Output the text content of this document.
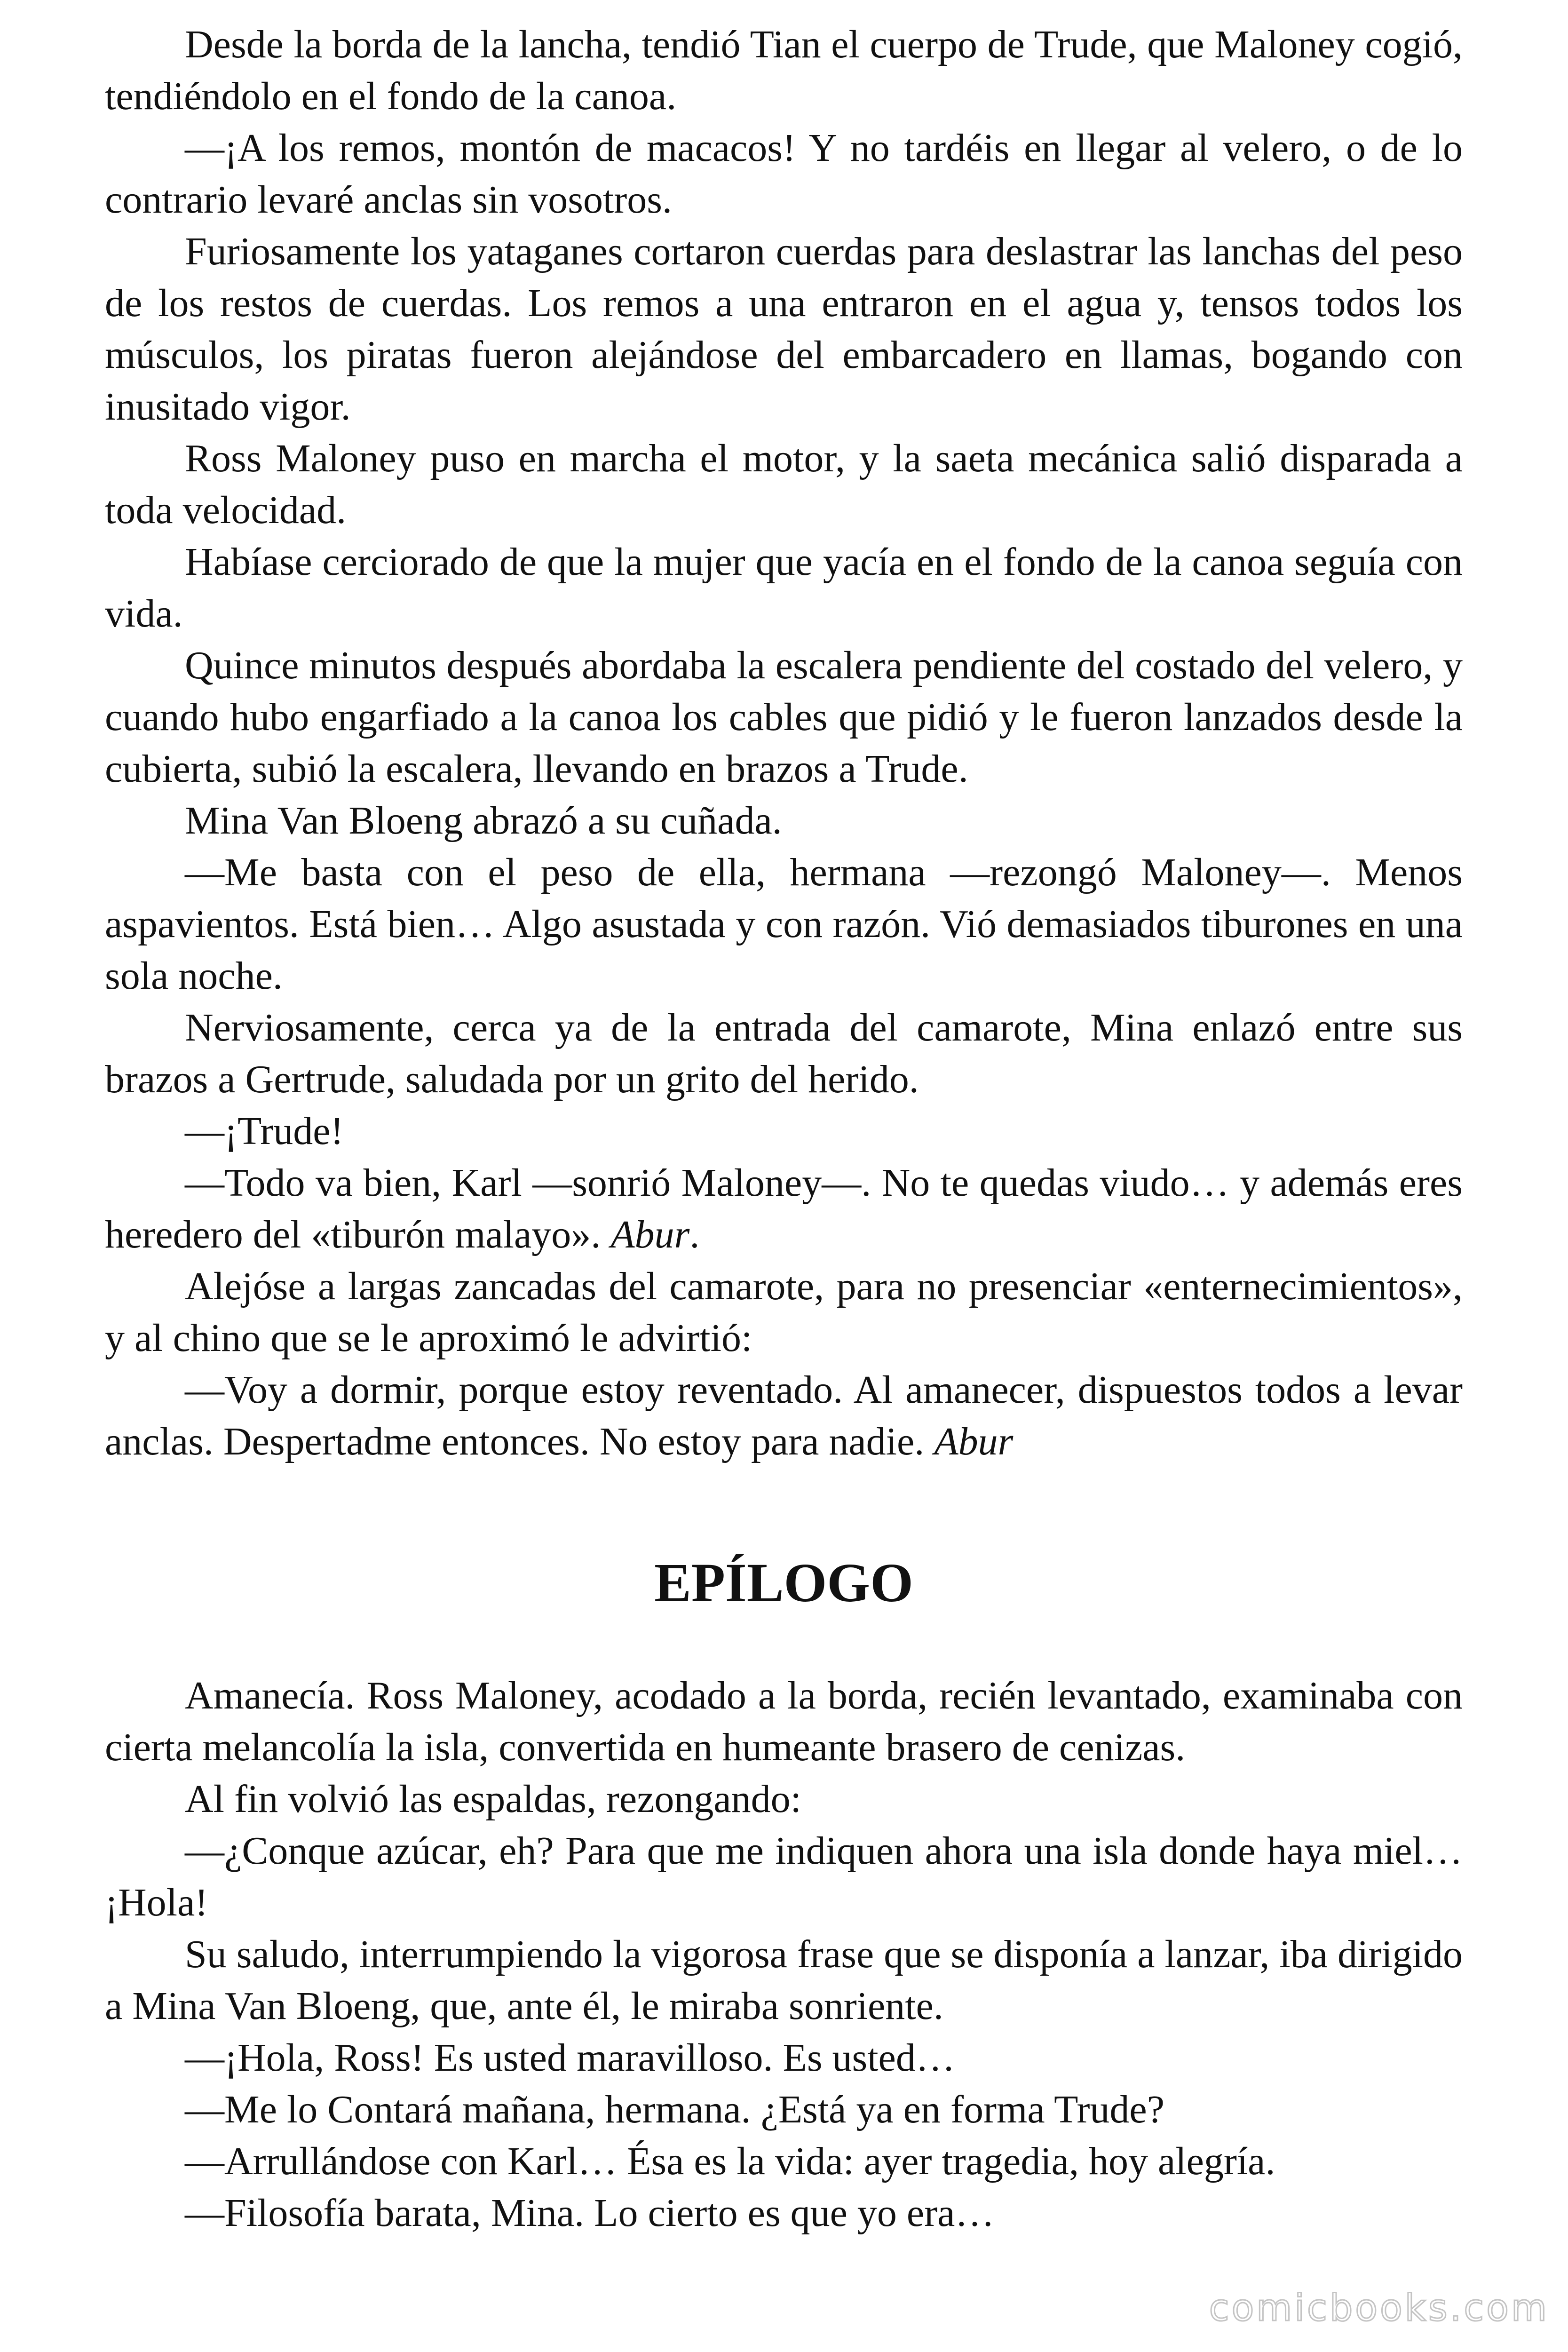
Desde la borda de la lancha, tendió Tian el cuerpo de Trude, que Maloney cogió, tendiéndolo en el fondo de la canoa.

—¡A los remos, montón de macacos! Y no tardéis en llegar al velero, o de lo contrario levaré anclas sin vosotros.

Furiosamente los yataganes cortaron cuerdas para deslastrar las lanchas del peso de los restos de cuerdas. Los remos a una entraron en el agua y, tensos todos los músculos, los piratas fueron alejándose del embarcadero en llamas, bogando con inusitado vigor.

Ross Maloney puso en marcha el motor, y la saeta mecánica salió disparada a toda velocidad.

Habíase cerciorado de que la mujer que yacía en el fondo de la canoa seguía con vida.

Quince minutos después abordaba la escalera pendiente del costado del velero, y cuando hubo engarfiado a la canoa los cables que pidió y le fueron lanzados desde la cubierta, subió la escalera, llevando en brazos a Trude.

Mina Van Bloeng abrazó a su cuñada.

—Me basta con el peso de ella, hermana —rezongó Maloney—. Menos aspavientos. Está bien… Algo asustada y con razón. Vió demasiados tiburones en una sola noche.

Nerviosamente, cerca ya de la entrada del camarote, Mina enlazó entre sus brazos a Gertrude, saludada por un grito del herido.

—¡Trude!

—Todo va bien, Karl —sonrió Maloney—. No te quedas viudo… y además eres heredero del «tiburón malayo». Abur.

Alejóse a largas zancadas del camarote, para no presenciar «enternecimientos», y al chino que se le aproximó le advirtió:

—Voy a dormir, porque estoy reventado. Al amanecer, dispuestos todos a levar anclas. Despertadme entonces. No estoy para nadie. Abur

EPÍLOGO

Amanecía. Ross Maloney, acodado a la borda, recién levantado, examinaba con cierta melancolía la isla, convertida en humeante brasero de cenizas.

Al fin volvió las espaldas, rezongando:

—¿Conque azúcar, eh? Para que me indiquen ahora una isla donde haya miel… ¡Hola!

Su saludo, interrumpiendo la vigorosa frase que se disponía a lanzar, iba dirigido a Mina Van Bloeng, que, ante él, le miraba sonriente.

—¡Hola, Ross! Es usted maravilloso. Es usted…

—Me lo Contará mañana, hermana. ¿Está ya en forma Trude?

—Arrullándose con Karl… Ésa es la vida: ayer tragedia, hoy alegría.

—Filosofía barata, Mina. Lo cierto es que yo era…

comicbooks.com
